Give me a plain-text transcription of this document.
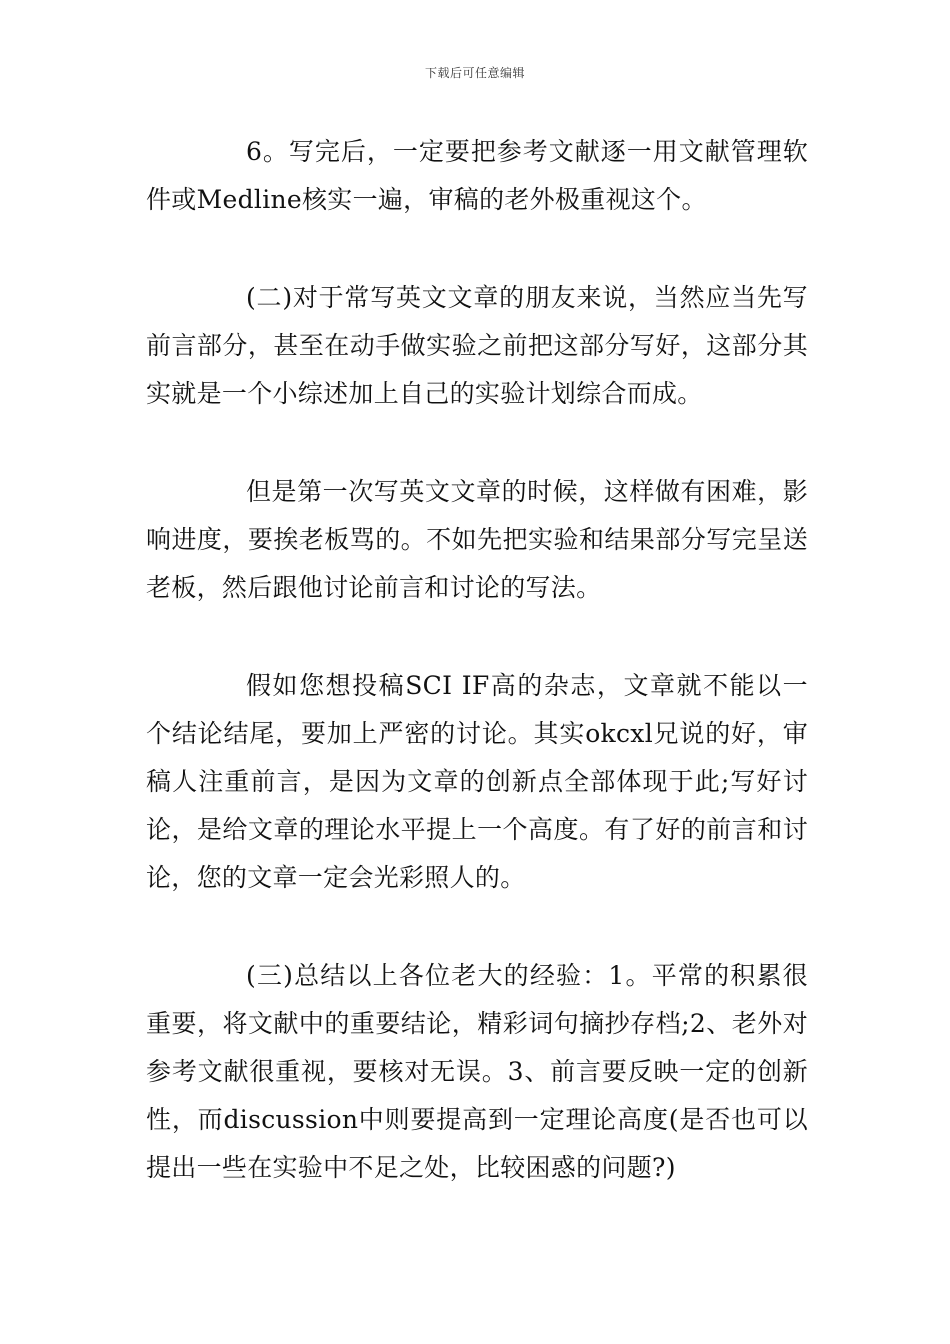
下载后可任意编辑

6。写完后，一定要把参考文献逐一用文献管理软件或Medline核实一遍，审稿的老外极重视这个。

(二)对于常写英文文章的朋友来说，当然应当先写前言部分，甚至在动手做实验之前把这部分写好，这部分其实就是一个小综述加上自己的实验计划综合而成。

但是第一次写英文文章的时候，这样做有困难，影响进度，要挨老板骂的。不如先把实验和结果部分写完呈送老板，然后跟他讨论前言和讨论的写法。

假如您想投稿SCI IF高的杂志，文章就不能以一个结论结尾，要加上严密的讨论。其实okcxl兄说的好，审稿人注重前言，是因为文章的创新点全部体现于此;写好讨论，是给文章的理论水平提上一个高度。有了好的前言和讨论，您的文章一定会光彩照人的。

(三)总结以上各位老大的经验：1。平常的积累很重要，将文献中的重要结论，精彩词句摘抄存档;2、老外对参考文献很重视，要核对无误。3、前言要反映一定的创新性，而discussion中则要提高到一定理论高度(是否也可以提出一些在实验中不足之处，比较困惑的问题?)
